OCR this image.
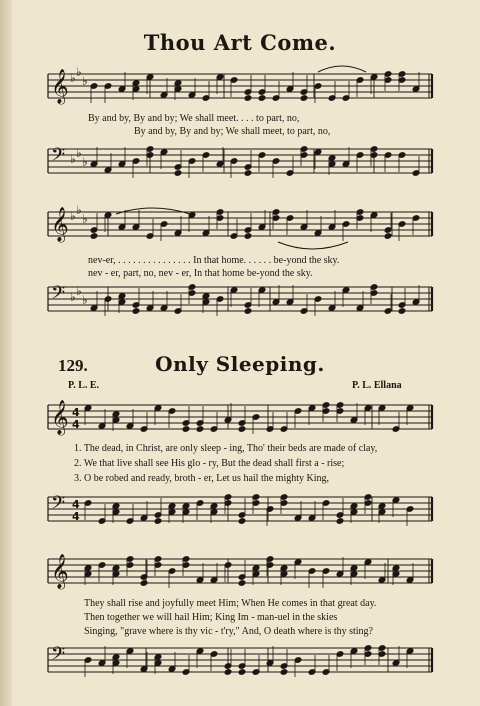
Thou Art Come.
𝄞 ♭ ♭
♭
𝄢 ♭ ♭
♭
𝄞 ♭ ♭
♭
𝄢 ♭ ♭
♭
𝄞 4
4
𝄢 4
4
𝄞
𝄢
By and by, By and by; We shall meet. . . . to part, no,
By and by, By and by; We shall meet, to part, no,
nev-er, . . . . . . . . . . . . . . . In that home. . . . . . be-yond the sky.
nev - er, part, no, nev - er, In that home be-yond the sky.
129.	Only Sleeping.
P. L. E.	P. L. Ellana
1. The dead, in Christ, are only sleep - ing, Tho' their beds are made of clay,
2. We that live shall see His glo - ry, But the dead shall first a - rise;
3. O be robed and ready, broth - er, Let us hail the mighty King,
They shall rise and joyfully meet Him; When He comes in that great day.
Then together we will hail Him; King Im - man-uel in the skies
Singing, "grave where is thy vic - t'ry," And, O death where is thy sting?
